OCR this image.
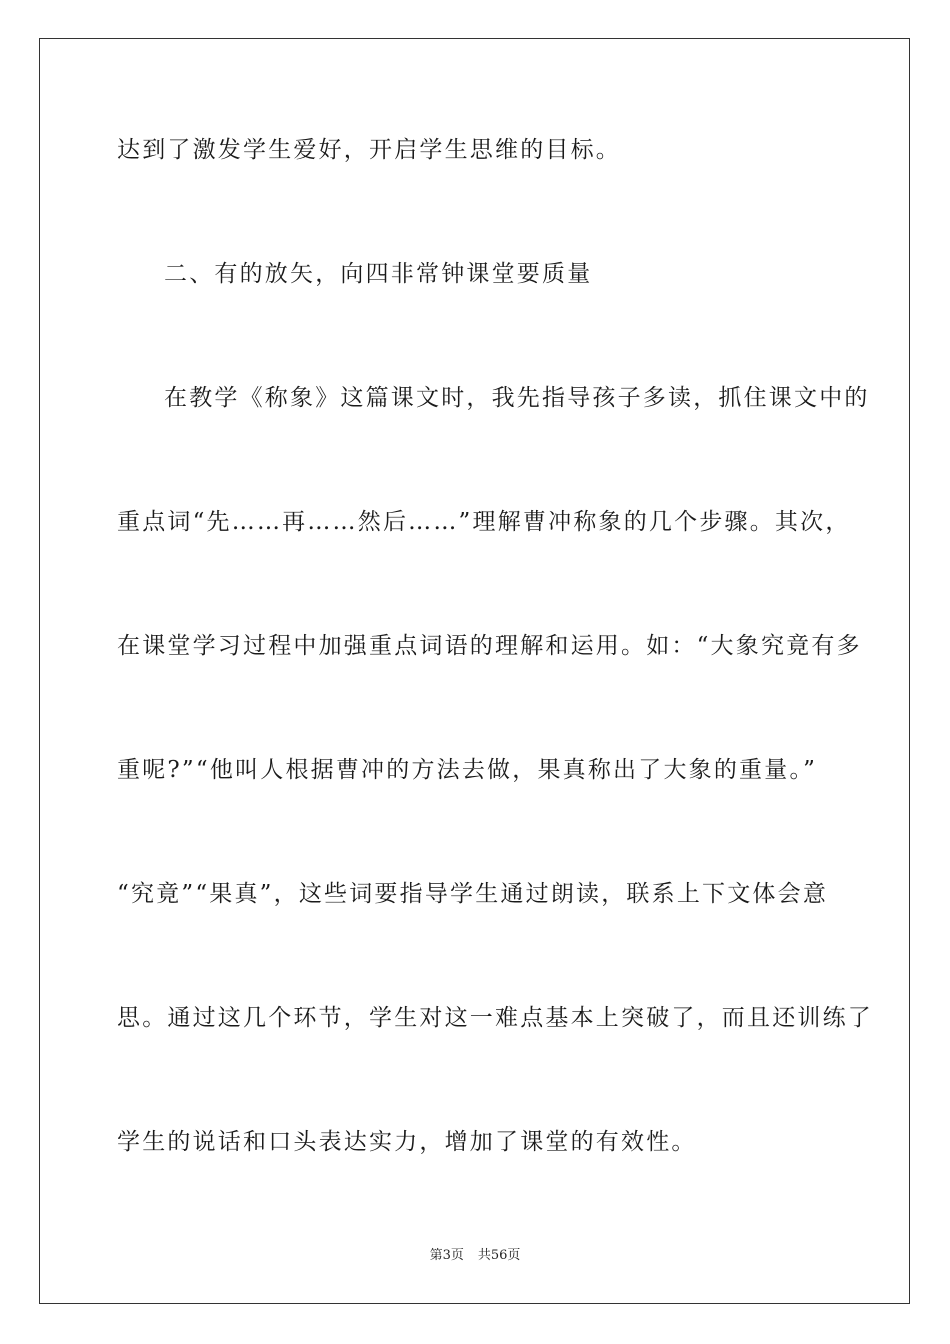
达到了激发学生爱好，开启学生思维的目标。
二、有的放矢，向四非常钟课堂要质量
在教学《称象》这篇课文时，我先指导孩子多读，抓住课文中的
重点词“先……再……然后……”理解曹冲称象的几个步骤。其次，
在课堂学习过程中加强重点词语的理解和运用。如：“大象究竟有多
重呢?”“他叫人根据曹冲的方法去做，果真称出了大象的重量。”
“究竟”“果真”，这些词要指导学生通过朗读，联系上下文体会意
思。通过这几个环节，学生对这一难点基本上突破了，而且还训练了
学生的说话和口头表达实力，增加了课堂的有效性。
第3页 共56页
